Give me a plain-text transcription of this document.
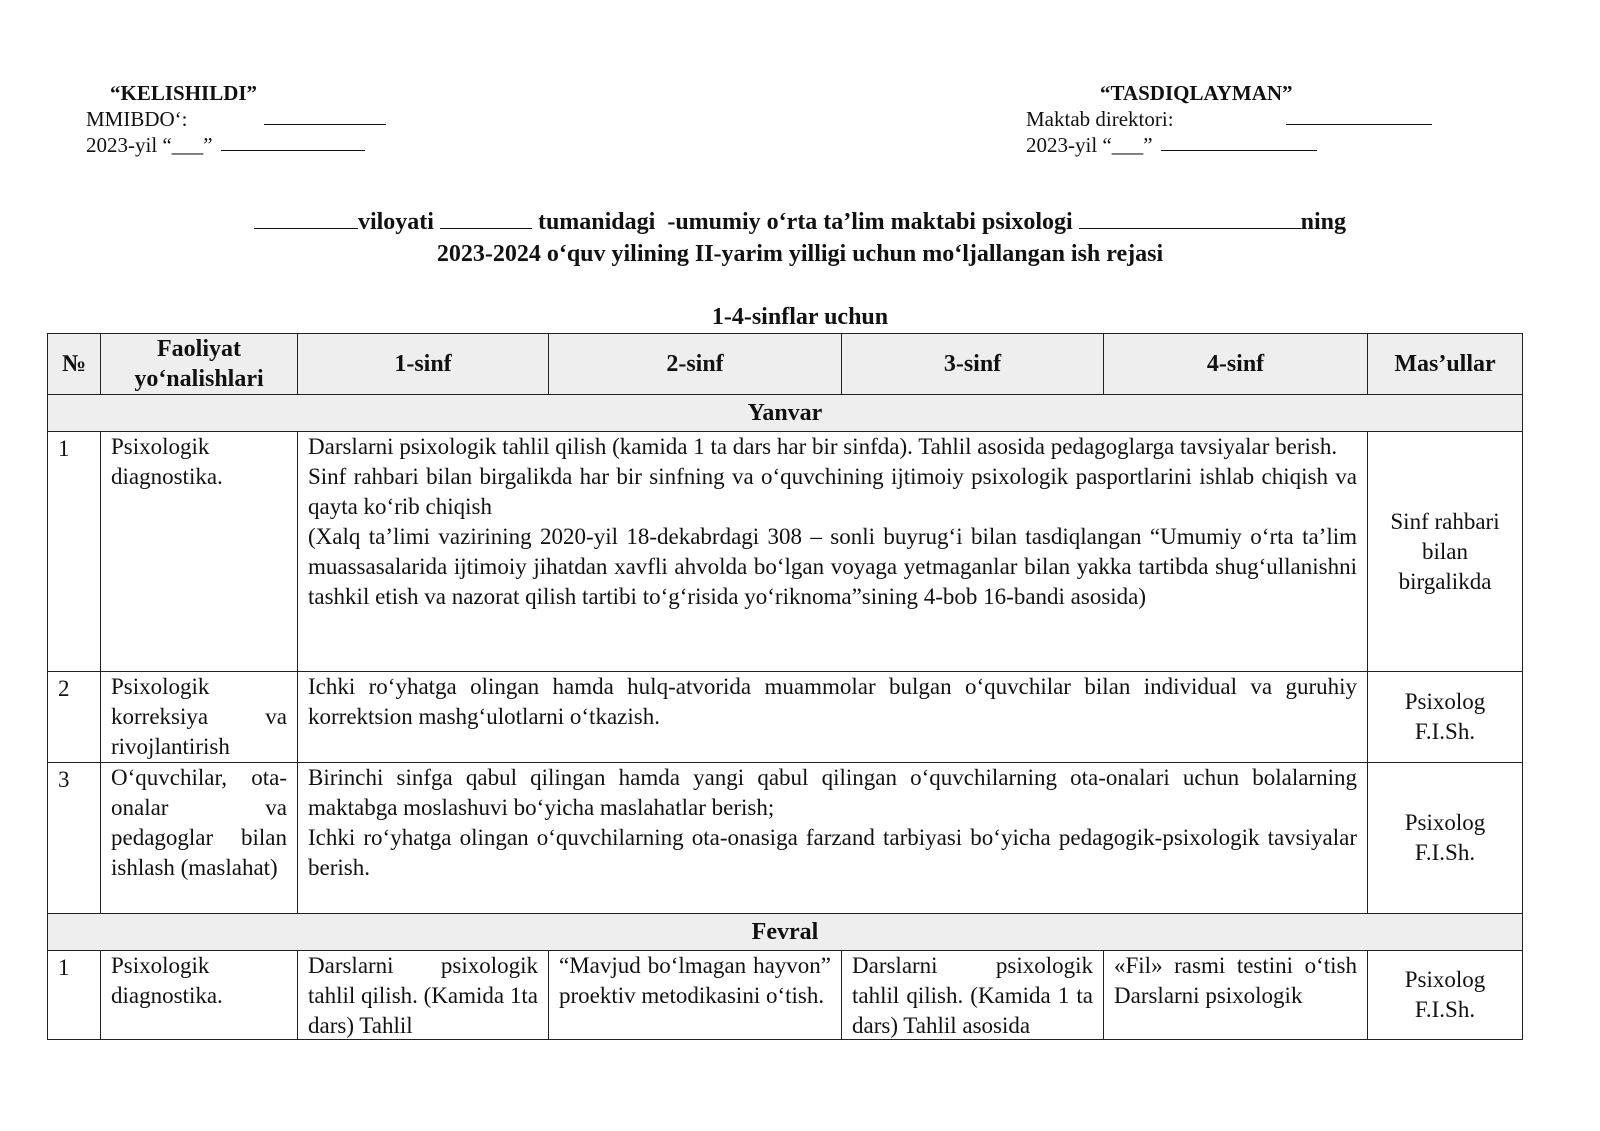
“KELISHILDI”
MMIBDO‘:
2023-yil “___”
“TASDIQLAYMAN”
Maktab direktori:
2023-yil “___”
viloyati	tumanidagi -umumiy o‘rta ta’lim maktabi psixologi	ning
2023-2024 o‘quv yilining II-yarim yilligi uchun mo‘ljallangan ish rejasi
1-4-sinflar uchun
№	Faoliyat yo‘nalishlari	1-sinf	2-sinf	3-sinf	4-sinf	Mas’ullar
Yanvar						
1	Psixologik diagnostika.	Darslarni psixologik tahlil qilish (kamida 1 ta dars har bir sinfda). Tahlil asosida pedagoglarga tavsiyalar berish.
Sinf rahbari bilan birgalikda har bir sinfning va o‘quvchining ijtimoiy psixologik pasportlarini ishlab chiqish va qayta ko‘rib chiqish
(Xalq ta’limi vazirining 2020-yil 18-dekabrdagi 308 – sonli buyrug‘i bilan tasdiqlangan “Umumiy o‘rta ta’lim muassasalarida ijtimoiy jihatdan xavfli ahvolda bo‘lgan voyaga yetmaganlar bilan yakka tartibda shug‘ullanishni tashkil etish va nazorat qilish tartibi to‘g‘risida yo‘riknoma”sining 4-bob 16-bandi asosida)				Sinf rahbari bilan birgalikda
2	Psixologik korreksiya va rivojlantirish	Ichki ro‘yhatga olingan hamda hulq-atvorida muammolar bulgan o‘quvchilar bilan individual va guruhiy korrektsion mashg‘ulotlarni o‘tkazish.				Psixolog F.I.Sh.
3	O‘quvchilar, ota-onalar va pedagoglar bilan ishlash (maslahat)	Birinchi sinfga qabul qilingan hamda yangi qabul qilingan o‘quvchilarning ota-onalari uchun bolalarning maktabga moslashuvi bo‘yicha maslahatlar berish;
Ichki ro‘yhatga olingan o‘quvchilarning ota-onasiga farzand tarbiyasi bo‘yicha pedagogik-psixologik tavsiyalar berish.				Psixolog F.I.Sh.
Fevral						
1	Psixologik diagnostika.	Darslarni psixologik tahlil qilish. (Kamida 1ta dars) Tahlil	“Mavjud bo‘lmagan hayvon” proektiv metodikasini o‘tish.	Darslarni psixologik tahlil qilish. (Kamida 1 ta dars) Tahlil asosida	«Fil» rasmi testini o‘tish Darslarni psixologik	Psixolog F.I.Sh.
